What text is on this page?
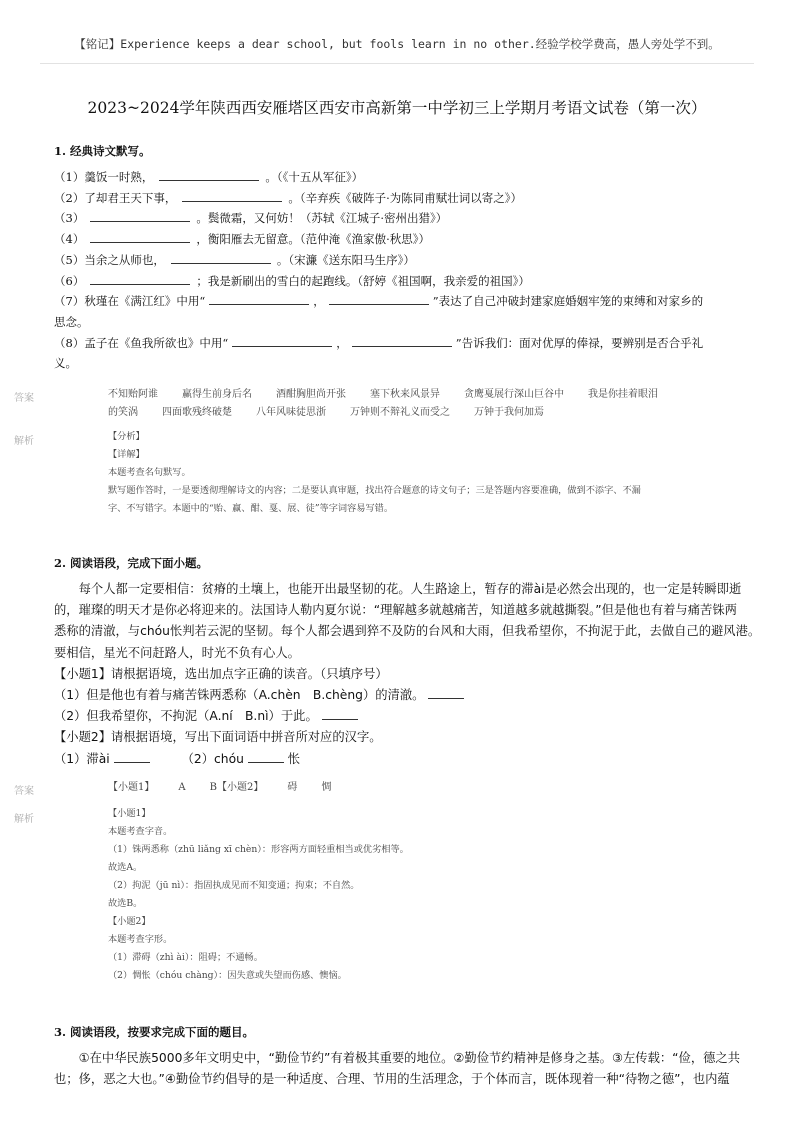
【铭记】Experience keeps a dear school, but fools learn in no other.经验学校学费高，愚人旁处学不到。
2023~2024学年陕西西安雁塔区西安市高新第一中学初三上学期月考语文试卷（第一次）
1. 经典诗文默写。
（1）羹饭一时熟，	。（《十五从军征》）
（2）了却君王天下事，	。（辛弃疾《破阵子·为陈同甫赋壮词以寄之》）
（3）	。鬓微霜，又何妨！（苏轼《江城子·密州出猎》）
（4）	，衡阳雁去无留意。（范仲淹《渔家傲·秋思》）
（5）当余之从师也，	。（宋濂《送东阳马生序》）
（6）	；我是新刷出的雪白的起跑线。（舒婷《祖国啊，我亲爱的祖国》）
（7）秋瑾在《满江红》中用“	，	”表达了自己冲破封建家庭婚姻牢笼的束缚和对家乡的
思念。
（8）孟子在《鱼我所欲也》中用“	，	”告诉我们：面对优厚的俸禄，要辨别是否合乎礼
义。
答案	不知贻阿谁 赢得生前身后名 酒酣胸胆尚开张 塞下秋来风景异 贪鹰戛展行深山巨谷中 我是你挂着眼泪
的笑涡 四面歌残终破楚 八年风味徒思浙 万钟则不辩礼义而受之 万钟于我何加焉
解析	【分析】
【详解】
本题考查名句默写。
默写题作答时，一是要透彻理解诗文的内容；二是要认真审题，找出符合题意的诗文句子；三是答题内容要准确，做到不添字、不漏
字、不写错字。本题中的“贻、赢、酣、戛、展、徒”等字词容易写错。
2. 阅读语段，完成下面小题。
　　每个人都一定要相信：贫瘠的土壤上，也能开出最坚韧的花。人生路途上，暂存的滞ài是必然会出现的，也一定是转瞬即逝
的，璀璨的明天才是你必将迎来的。法国诗人勒内夏尔说：“理解越多就越痛苦，知道越多就越撕裂。”但是他也有着与痛苦铢两
悉称的清澈，与chóu怅判若云泥的坚韧。每个人都会遇到猝不及防的台风和大雨，但我希望你，不拘泥于此，去做自己的避风港。
要相信，星光不问赶路人，时光不负有心人。
【小题1】请根据语境，选出加点字正确的读音。（只填序号）
（1）但是他也有着与痛苦铢两悉称（A.chèn　B.chèng）的清澈。
（2）但我希望你，不拘泥（A.ní　B.nì）于此。
【小题2】请根据语境，写出下面词语中拼音所对应的汉字。
（1）滞ài	（2）chóu	怅
答案	【小题1】 A B【小题2】 碍 惆
解析
【小题1】
本题考查字音。
（1）铢两悉称（zhū liǎng xī chèn）：形容两方面轻重相当或优劣相等。
故选A。
（2）拘泥（jū nì）：指固执成见而不知变通；拘束；不自然。
故选B。
【小题2】
本题考查字形。
（1）滞碍（zhì ài）：阻碍；不通畅。
（2）惆怅（chóu chàng）：因失意或失望而伤感、懊恼。
3. 阅读语段，按要求完成下面的题目。
　　①在中华民族5000多年文明史中，“勤俭节约”有着极其重要的地位。②勤俭节约精神是修身之基。③左传载：“俭，德之共
也；侈，恶之大也。”④勤俭节约倡导的是一种适度、合理、节用的生活理念，于个体而言，既体现着一种“待物之德”，也内蕴
